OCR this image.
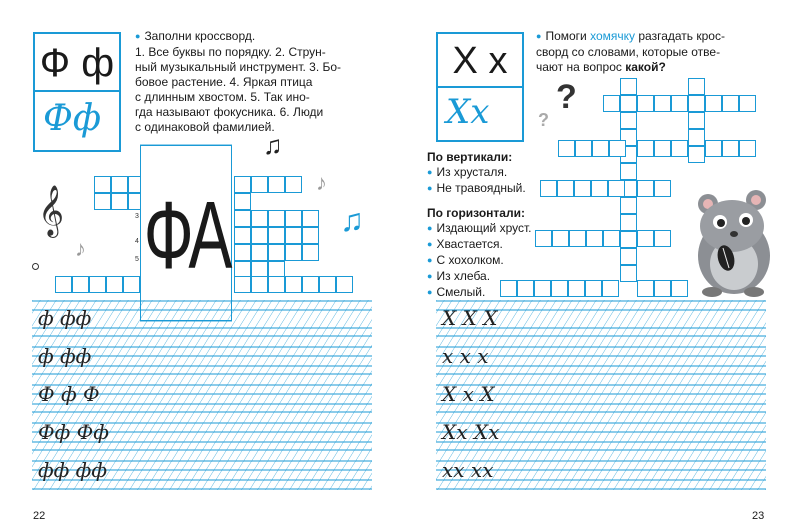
Ф ф
Фф
● Заполни кроссворд.
1. Все буквы по порядку. 2. Струн-
ный музыкальный инструмент. 3. Бо-
бовое растение. 4. Яркая птица
с длинным хвостом. 5. Так ино-
гда называют фокусника. 6. Люди
с одинаковой фамилией.
𝄞
♫
♫
♪
♪
3
4
5 ФА
ф фф
ф фф
Ф ф Ф
Фф Фф
фф фф
22
Х х
Хх
● Помоги хомячку разгадать крос-
сворд со словами, которые отве-
чают на вопрос какой?
?
?
По вертикали:
● Из хрусталя.
● Не травоядный.
По горизонтали:
● Издающий хруст.
● Хвастается.
● С хохолком.
● Из хлеба.
● Смелый.
Х Х Х
х х х
Х х Х
Хх Хх
хх хх
23
